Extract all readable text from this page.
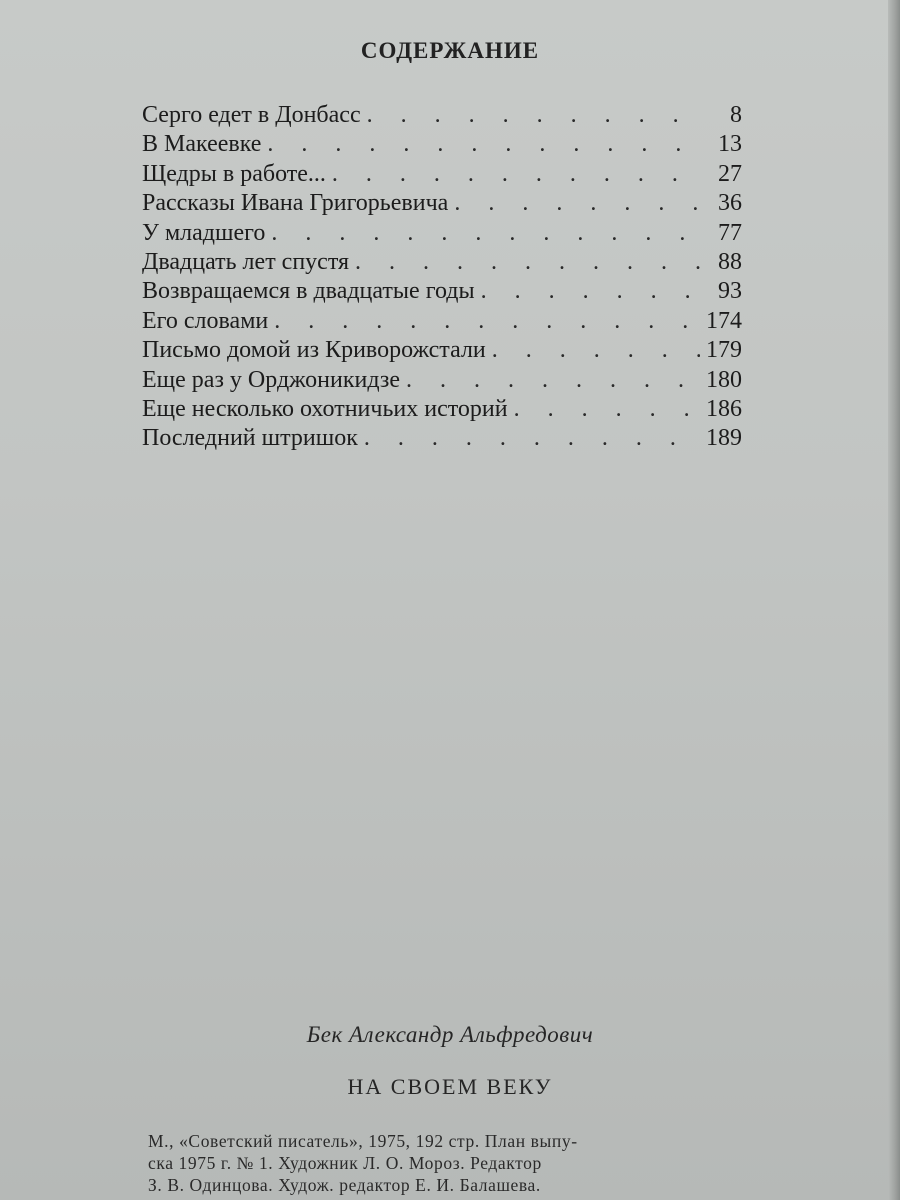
СОДЕРЖАНИЕ
Серго едет в Донбасс . . .	8
В Макеевке . . .	13
Щедры в работе... . . .	27
Рассказы Ивана Григорьевича . . .	36
У младшего . . .	77
Двадцать лет спустя . . .	88
Возвращаемся в двадцатые годы . . .	93
Его словами . . .	174
Письмо домой из Криворожстали . . .	179
Еще раз у Орджоникидзе . . .	180
Еще несколько охотничьих историй . . .	186
Последний штришок . . .	189
Бек Александр Альфредович
НА СВОЕМ ВЕКУ
М., «Советский писатель», 1975, 192 стр. План выпу-
ска 1975 г. № 1. Художник Л. О. Мороз. Редактор
З. В. Одинцова. Худож. редактор Е. И. Балашева.
